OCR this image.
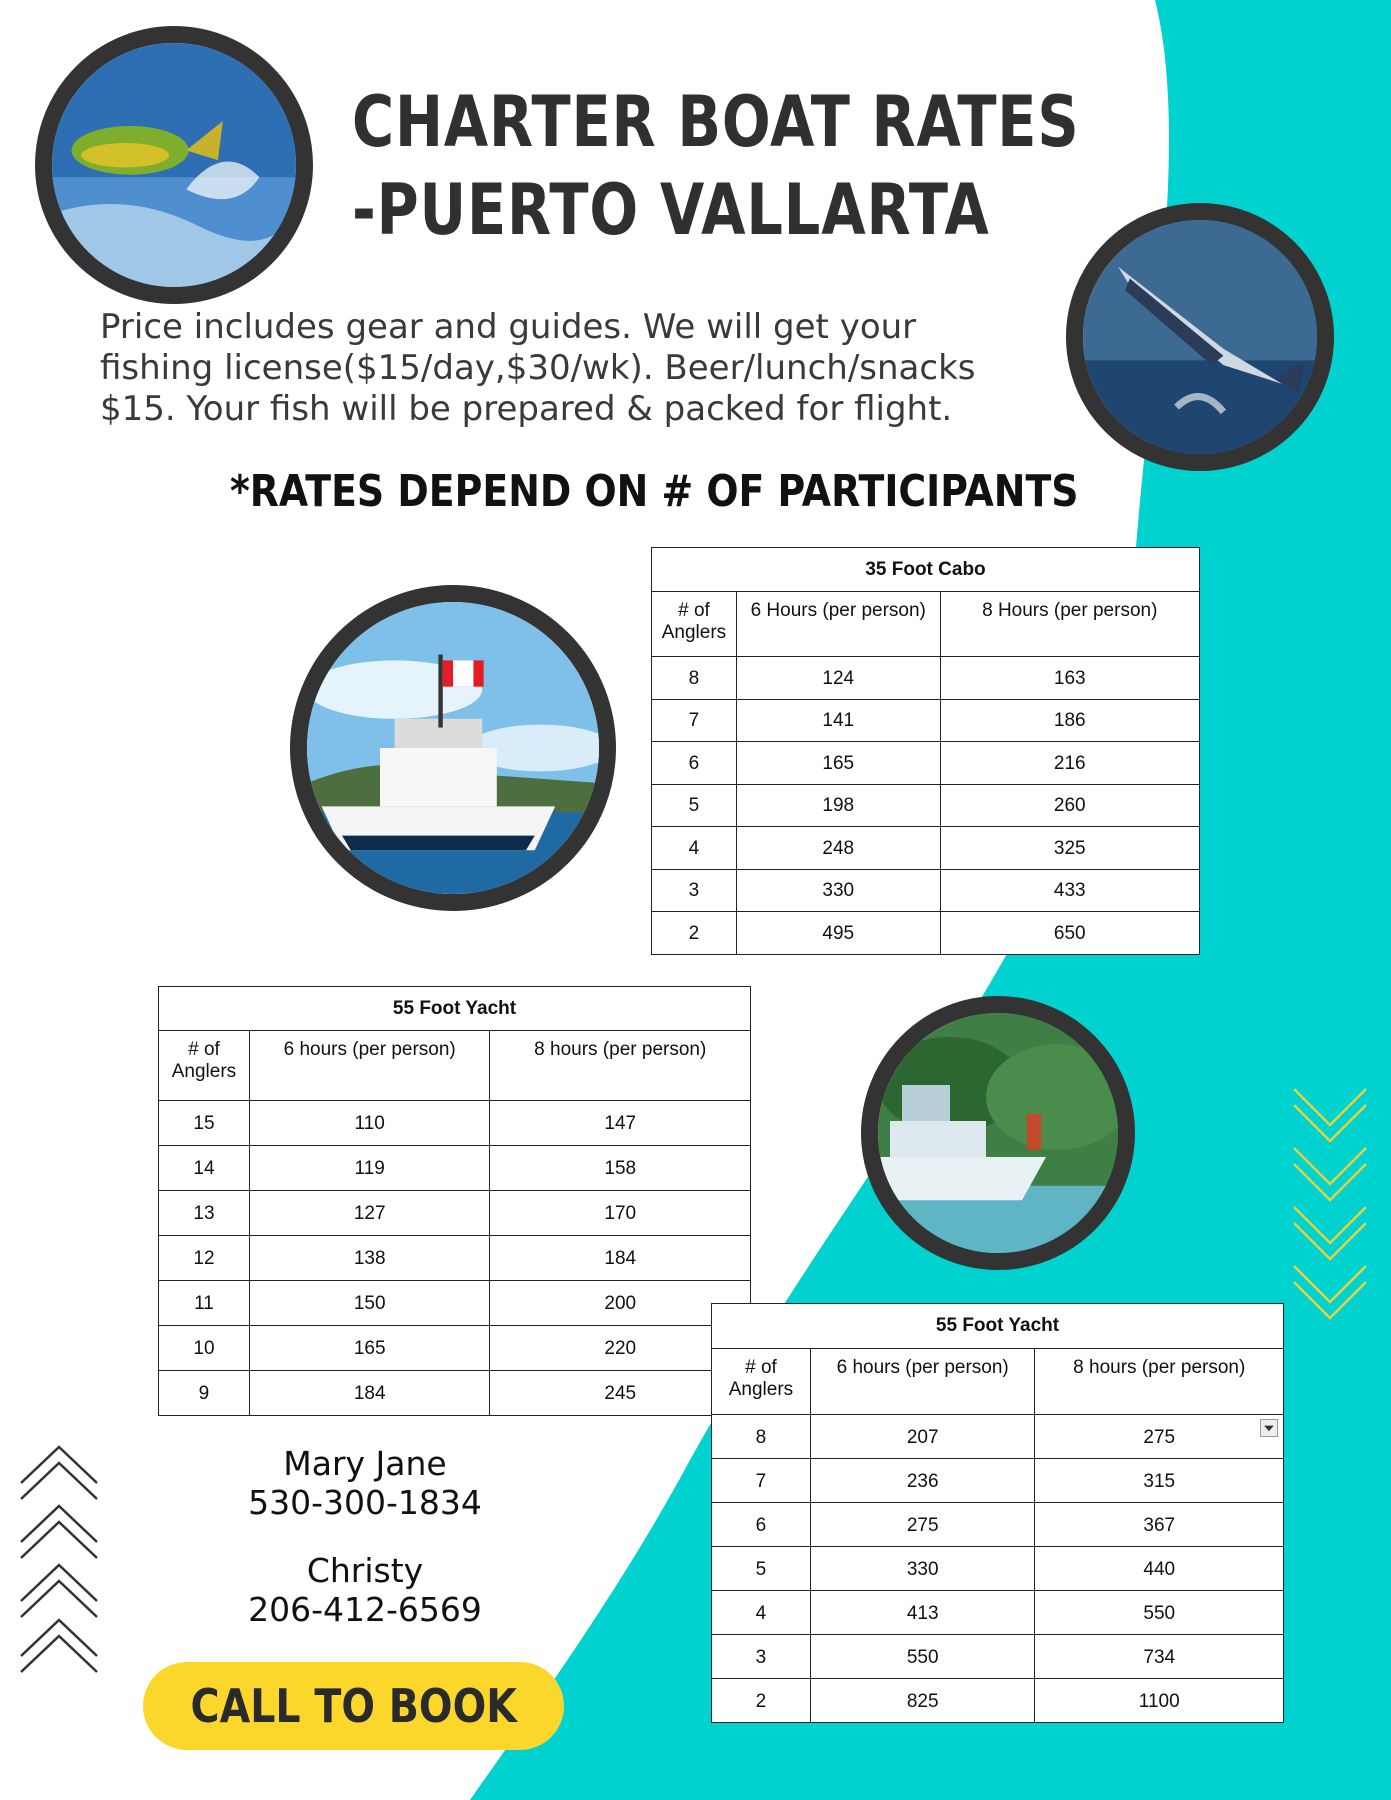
CHARTER BOAT RATES
-PUERTO VALLARTA
Price includes gear and guides. We will get your
fishing license($15/day,$30/wk). Beer/lunch/snacks
$15. Your fish will be prepared & packed for flight.
*RATES DEPEND ON # OF PARTICIPANTS
35 Foot Cabo		
# of Anglers	6 Hours (per person)	8 Hours (per person)
8	124	163
7	141	186
6	165	216
5	198	260
4	248	325
3	330	433
2	495	650
55 Foot Yacht		
# of Anglers	6 hours (per person)	8 hours (per person)
15	110	147
14	119	158
13	127	170
12	138	184
11	150	200
10	165	220
9	184	245
55 Foot Yacht		
# of Anglers	6 hours (per person)	8 hours (per person)
8	207	275
7	236	315
6	275	367
5	330	440
4	413	550
3	550	734
2	825	1100
Mary Jane
530-300-1834
Christy
206-412-6569
CALL TO BOOK
